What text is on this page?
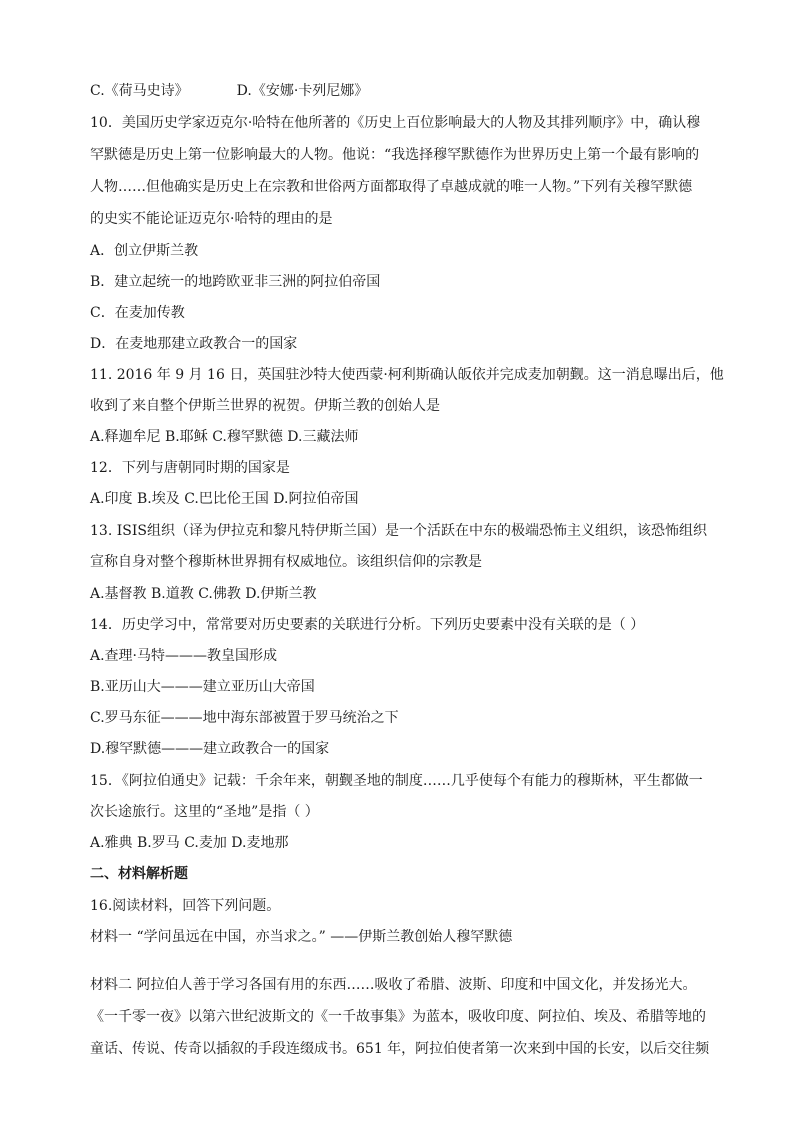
C.《荷马史诗》	D.《安娜·卡列尼娜》
10．美国历史学家迈克尔·哈特在他所著的《历史上百位影响最大的人物及其排列顺序》中，确认穆
罕默德是历史上第一位影响最大的人物。他说：“我选择穆罕默德作为世界历史上第一个最有影响的
人物……但他确实是历史上在宗教和世俗两方面都取得了卓越成就的唯一人物。”下列有关穆罕默德
的史实不能论证迈克尔·哈特的理由的是
A．创立伊斯兰教
B．建立起统一的地跨欧亚非三洲的阿拉伯帝国
C．在麦加传教
D．在麦地那建立政教合一的国家
11. 2016 年 9 月 16 日，英国驻沙特大使西蒙·柯利斯确认皈依并完成麦加朝觐。这一消息曝出后，他
收到了来自整个伊斯兰世界的祝贺。伊斯兰教的创始人是
A.释迦牟尼 B.耶稣 C.穆罕默德 D.三藏法师
12．下列与唐朝同时期的国家是
A.印度 B.埃及 C.巴比伦王国 D.阿拉伯帝国
13. ISIS组织（译为伊拉克和黎凡特伊斯兰国）是一个活跃在中东的极端恐怖主义组织，该恐怖组织
宣称自身对整个穆斯林世界拥有权威地位。该组织信仰的宗教是
A.基督教 B.道教 C.佛教 D.伊斯兰教
14．历史学习中，常常要对历史要素的关联进行分析。下列历史要素中没有关联的是（ ）
A.查理·马特———教皇国形成
B.亚历山大———建立亚历山大帝国
C.罗马东征———地中海东部被置于罗马统治之下
D.穆罕默德———建立政教合一的国家
15．《阿拉伯通史》记载：千余年来，朝觐圣地的制度……几乎使每个有能力的穆斯林，平生都做一
次长途旅行。这里的“圣地”是指（ ）
A.雅典 B.罗马 C.麦加 D.麦地那
二、材料解析题
16.阅读材料，回答下列问题。
材料一 “学问虽远在中国，亦当求之。” ——伊斯兰教创始人穆罕默德
材料二 阿拉伯人善于学习各国有用的东西……吸收了希腊、波斯、印度和中国文化，并发扬光大。
《一千零一夜》以第六世纪波斯文的《一千故事集》为蓝本，吸收印度、阿拉伯、埃及、希腊等地的
童话、传说、传奇以插叙的手段连缀成书。651 年，阿拉伯使者第一次来到中国的长安，以后交往频
